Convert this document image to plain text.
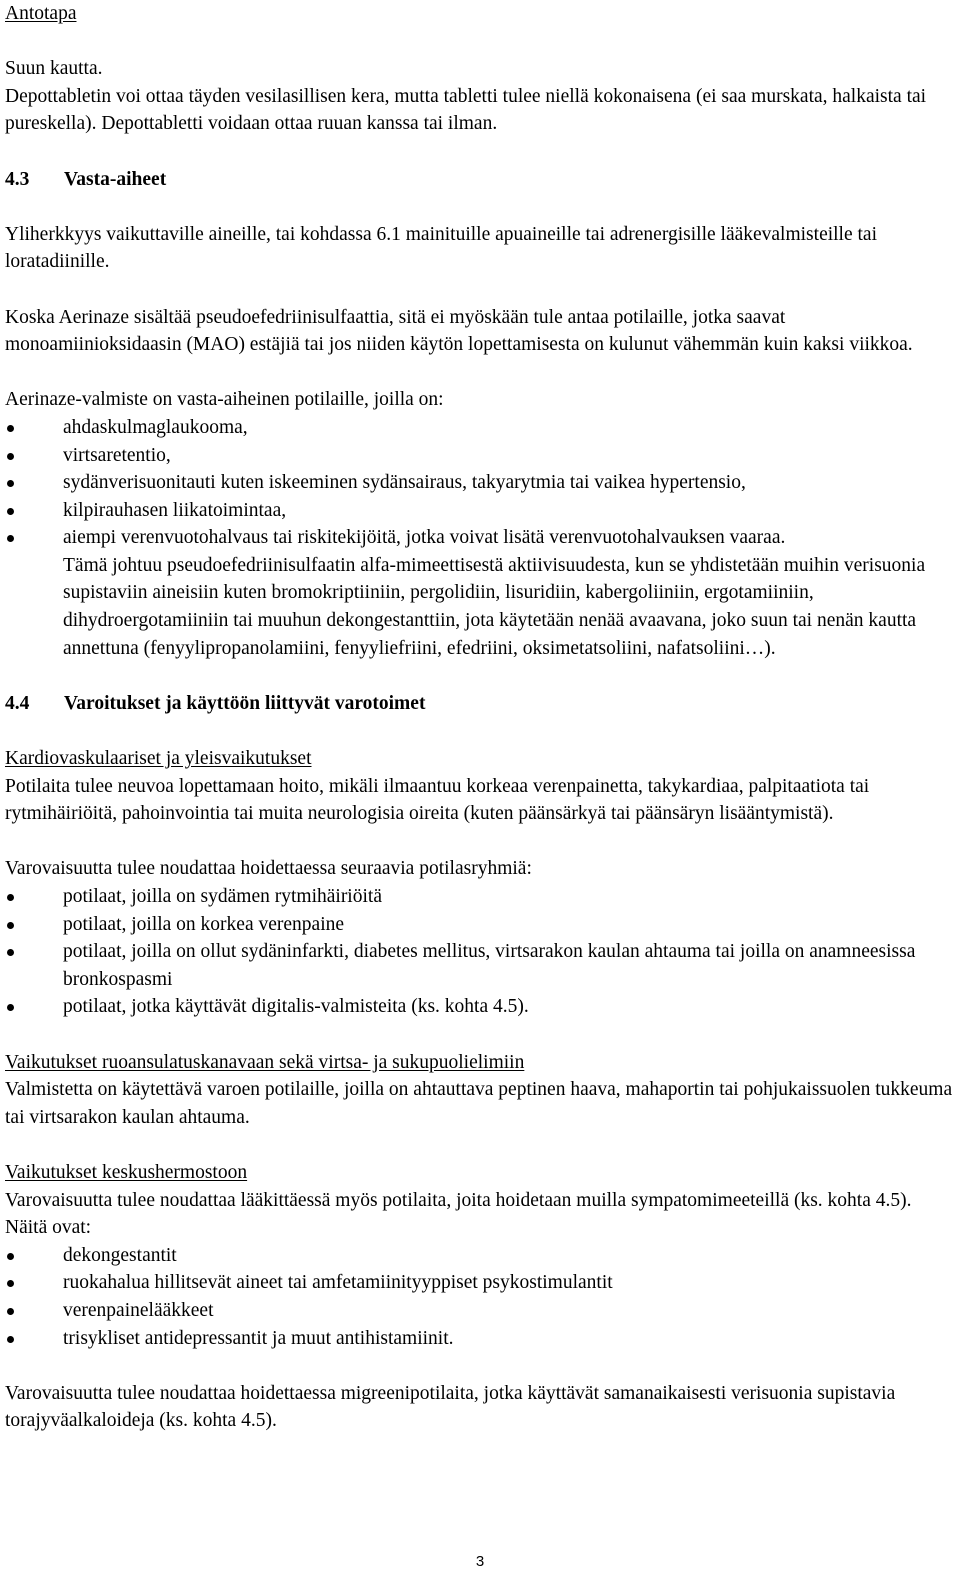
Antotapa

Suun kautta.

Depottabletin voi ottaa täyden vesilasillisen kera, mutta tabletti tulee niellä kokonaisena (ei saa murskata, halkaista tai pureskella). Depottabletti voidaan ottaa ruuan kanssa tai ilman.

4.3 Vasta-aiheet

Yliherkkyys vaikuttaville aineille, tai kohdassa 6.1 mainituille apuaineille tai adrenergisille lääkevalmisteille tai loratadiinille.

Koska Aerinaze sisältää pseudoefedriinisulfaattia, sitä ei myöskään tule antaa potilaille, jotka saavat monoamiinioksidaasin (MAO) estäjiä tai jos niiden käytön lopettamisesta on kulunut vähemmän kuin kaksi viikkoa.

Aerinaze-valmiste on vasta-aiheinen potilaille, joilla on:

ahdaskulmaglaukooma,
virtsaretentio,
sydänverisuonitauti kuten iskeeminen sydänsairaus, takyarytmia tai vaikea hypertensio,
kilpirauhasen liikatoimintaa,
aiempi verenvuotohalvaus tai riskitekijöitä, jotka voivat lisätä verenvuotohalvauksen vaaraa.

Tämä johtuu pseudoefedriinisulfaatin alfa-mimeettisestä aktiivisuudesta, kun se yhdistetään muihin verisuonia supistaviin aineisiin kuten bromokriptiiniin, pergolidiin, lisuridiin, kabergoliiniin, ergotamiiniin, dihydroergotamiiniin tai muuhun dekongestanttiin, jota käytetään nenää avaavana, joko suun tai nenän kautta annettuna (fenyylipropanolamiini, fenyyliefriini, efedriini, oksimetatsoliini, nafatsoliini…).

4.4 Varoitukset ja käyttöön liittyvät varotoimet

Kardiovaskulaariset ja yleisvaikutukset

Potilaita tulee neuvoa lopettamaan hoito, mikäli ilmaantuu korkeaa verenpainetta, takykardiaa, palpitaatiota tai rytmihäiriöitä, pahoinvointia tai muita neurologisia oireita (kuten päänsärkyä tai päänsäryn lisääntymistä).

Varovaisuutta tulee noudattaa hoidettaessa seuraavia potilasryhmiä:

potilaat, joilla on sydämen rytmihäiriöitä
potilaat, joilla on korkea verenpaine
potilaat, joilla on ollut sydäninfarkti, diabetes mellitus, virtsarakon kaulan ahtauma tai joilla on anamneesissa bronkospasmi
potilaat, jotka käyttävät digitalis-valmisteita (ks. kohta 4.5).

Vaikutukset ruoansulatuskanavaan sekä virtsa- ja sukupuolielimiin

Valmistetta on käytettävä varoen potilaille, joilla on ahtauttava peptinen haava, mahaportin tai pohjukaissuolen tukkeuma tai virtsarakon kaulan ahtauma.

Vaikutukset keskushermostoon

Varovaisuutta tulee noudattaa lääkittäessä myös potilaita, joita hoidetaan muilla sympatomimeeteillä (ks. kohta 4.5). Näitä ovat:

dekongestantit
ruokahalua hillitsevät aineet tai amfetamiinityyppiset psykostimulantit
verenpainelääkkeet
trisykliset antidepressantit ja muut antihistamiinit.

Varovaisuutta tulee noudattaa hoidettaessa migreenipotilaita, jotka käyttävät samanaikaisesti verisuonia supistavia torajyväalkaloideja (ks. kohta 4.5).

3
